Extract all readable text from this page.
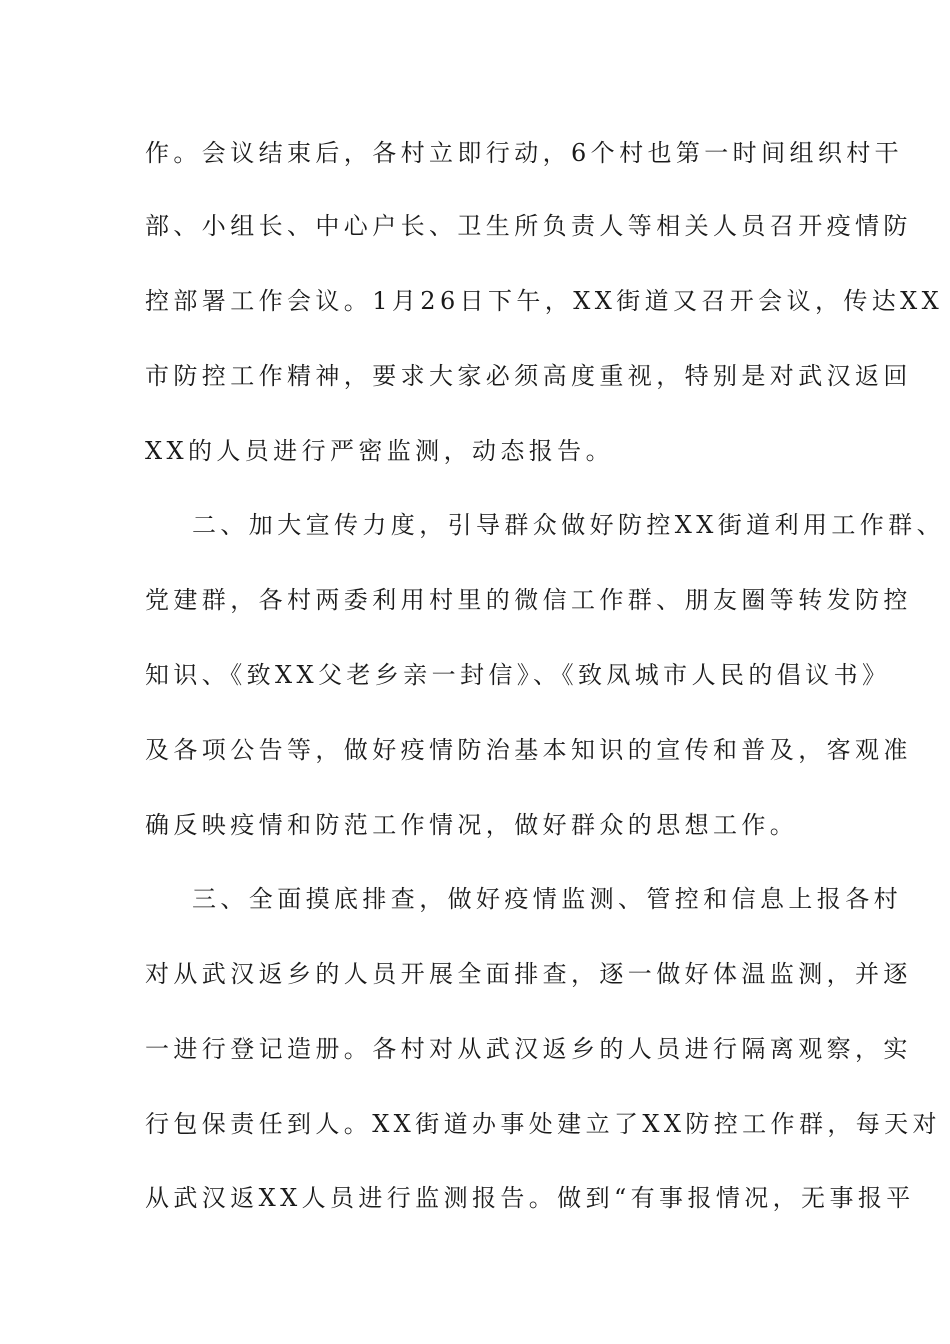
作。会议结束后，各村立即行动，6个村也第一时间组织村干
部、小组长、中心户长、卫生所负责人等相关人员召开疫情防
控部署工作会议。1月26日下午，XX街道又召开会议，传达XX
市防控工作精神，要求大家必须高度重视，特别是对武汉返回
XX的人员进行严密监测，动态报告。
二、加大宣传力度，引导群众做好防控XX街道利用工作群、
党建群，各村两委利用村里的微信工作群、朋友圈等转发防控
知识、《致XX父老乡亲一封信》、《致凤城市人民的倡议书》
及各项公告等，做好疫情防治基本知识的宣传和普及，客观准
确反映疫情和防范工作情况，做好群众的思想工作。
三、全面摸底排查，做好疫情监测、管控和信息上报各村
对从武汉返乡的人员开展全面排查，逐一做好体温监测，并逐
一进行登记造册。各村对从武汉返乡的人员进行隔离观察，实
行包保责任到人。XX街道办事处建立了XX防控工作群，每天对
从武汉返XX人员进行监测报告。做到“有事报情况，无事报平
